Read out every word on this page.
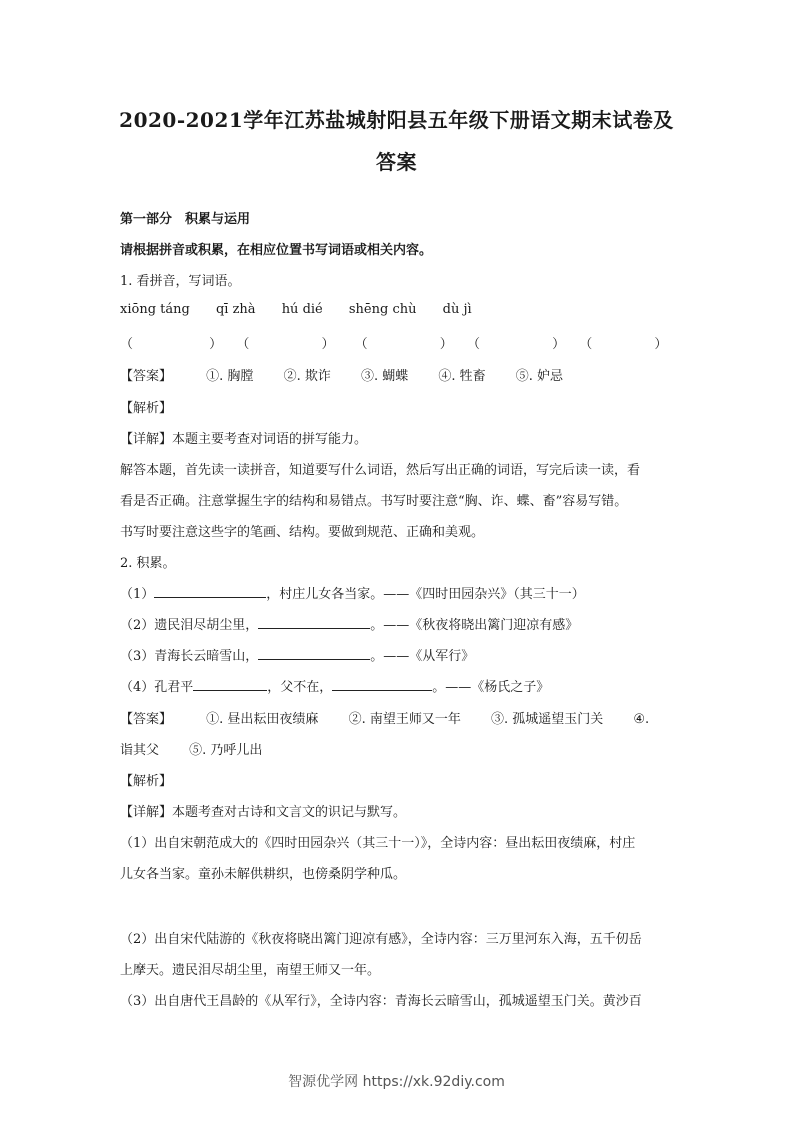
2020-2021学年江苏盐城射阳县五年级下册语文期末试卷及
答案
第一部分　积累与运用
请根据拼音或积累，在相应位置书写词语或相关内容。
1. 看拼音，写词语。
xiōng táng qī zhà hú dié shēng chù dù jì
（	） （	） （	） （	） （	）
【答案】	①. 胸膛 ②. 欺诈 ③. 蝴蝶 ④. 牲畜 ⑤. 妒忌
【解析】
【详解】本题主要考查对词语的拼写能力。
解答本题，首先读一读拼音，知道要写什么词语，然后写出正确的词语，写完后读一读，看
看是否正确。注意掌握生字的结构和易错点。书写时要注意“胸、诈、蝶、畜”容易写错。
书写时要注意这些字的笔画、结构。要做到规范、正确和美观。
2. 积累。
（1）	，村庄儿女各当家。——《四时田园杂兴》（其三十一）
（2）遗民泪尽胡尘里，	。——《秋夜将晓出篱门迎凉有感》
（3）青海长云暗雪山，	。——《从军行》
（4）孔君平	，父不在，	。——《杨氏之子》
【答案】	①. 昼出耘田夜绩麻 ②. 南望王师又一年 ③. 孤城遥望玉门关 ④.
诣其父 ⑤. 乃呼儿出
【解析】
【详解】本题考查对古诗和文言文的识记与默写。
（1）出自宋朝范成大的《四时田园杂兴（其三十一）》，全诗内容：昼出耘田夜绩麻，村庄
儿女各当家。童孙未解供耕织，也傍桑阴学种瓜。
（2）出自宋代陆游的《秋夜将晓出篱门迎凉有感》，全诗内容：三万里河东入海，五千仞岳
上摩天。遗民泪尽胡尘里，南望王师又一年。
（3）出自唐代王昌龄的《从军行》，全诗内容：青海长云暗雪山，孤城遥望玉门关。黄沙百
智源优学网 https://xk.92diy.com
